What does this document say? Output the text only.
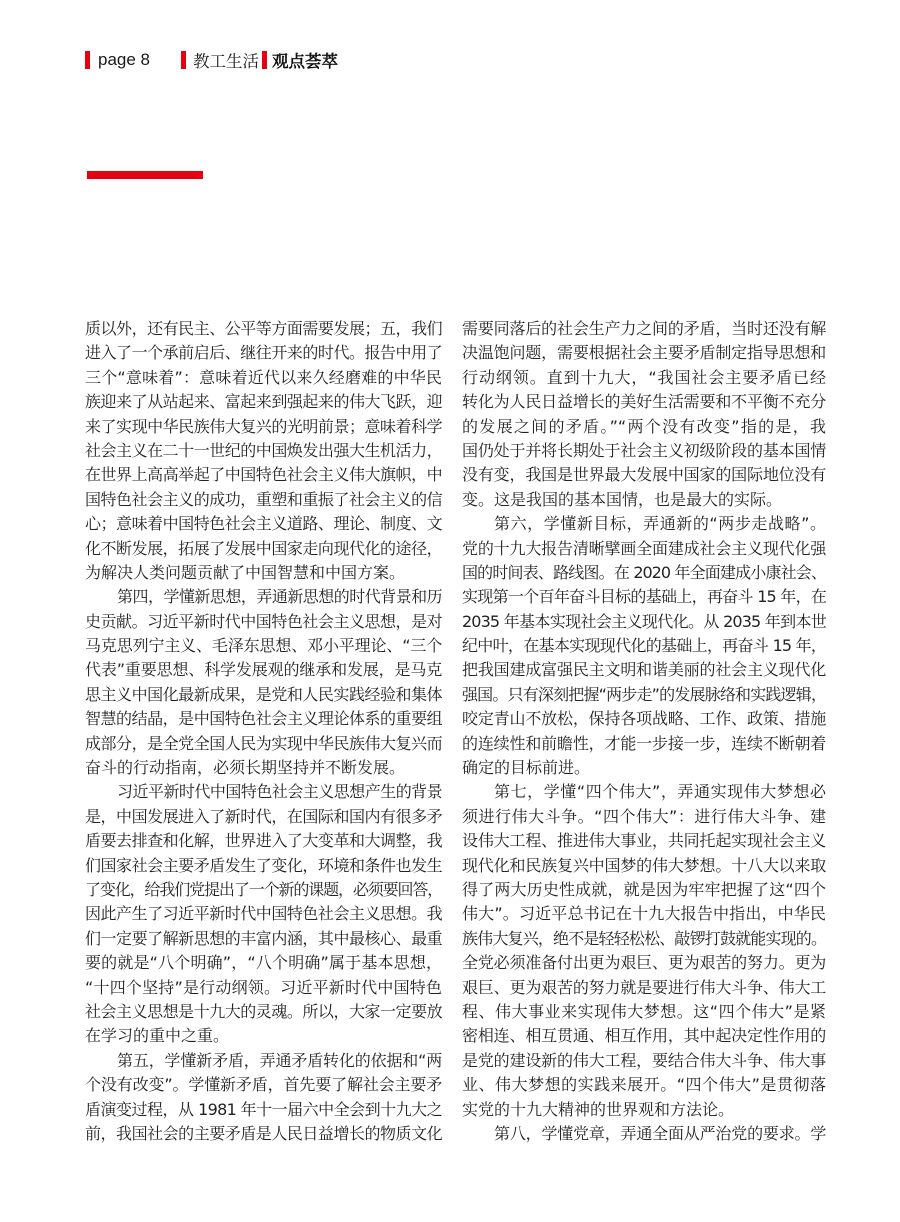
page 8	教工生活 观点荟萃
质以外，还有民主、公平等方面需要发展；五，我们
进入了一个承前启后、继往开来的时代。报告中用了
三个“意味着”：意味着近代以来久经磨难的中华民
族迎来了从站起来、富起来到强起来的伟大飞跃，迎
来了实现中华民族伟大复兴的光明前景；意味着科学
社会主义在二十一世纪的中国焕发出强大生机活力，
在世界上高高举起了中国特色社会主义伟大旗帜，中
国特色社会主义的成功，重塑和重振了社会主义的信
心；意味着中国特色社会主义道路、理论、制度、文
化不断发展，拓展了发展中国家走向现代化的途径，
为解决人类问题贡献了中国智慧和中国方案。
第四，学懂新思想，弄通新思想的时代背景和历
史贡献。习近平新时代中国特色社会主义思想，是对
马克思列宁主义、毛泽东思想、邓小平理论、“三个
代表”重要思想、科学发展观的继承和发展，是马克
思主义中国化最新成果，是党和人民实践经验和集体
智慧的结晶，是中国特色社会主义理论体系的重要组
成部分，是全党全国人民为实现中华民族伟大复兴而
奋斗的行动指南，必须长期坚持并不断发展。
习近平新时代中国特色社会主义思想产生的背景
是，中国发展进入了新时代，在国际和国内有很多矛
盾要去排查和化解，世界进入了大变革和大调整，我
们国家社会主要矛盾发生了变化，环境和条件也发生
了变化，给我们党提出了一个新的课题，必须要回答，
因此产生了习近平新时代中国特色社会主义思想。我
们一定要了解新思想的丰富内涵，其中最核心、最重
要的就是“八个明确”，“八个明确”属于基本思想，
“十四个坚持”是行动纲领。习近平新时代中国特色
社会主义思想是十九大的灵魂。所以，大家一定要放
在学习的重中之重。
第五，学懂新矛盾，弄通矛盾转化的依据和“两
个没有改变”。学懂新矛盾，首先要了解社会主要矛
盾演变过程，从 1981 年十一届六中全会到十九大之
前，我国社会的主要矛盾是人民日益增长的物质文化
需要同落后的社会生产力之间的矛盾，当时还没有解
决温饱问题，需要根据社会主要矛盾制定指导思想和
行动纲领。直到十九大，“我国社会主要矛盾已经
转化为人民日益增长的美好生活需要和不平衡不充分
的发展之间的矛盾。”“两个没有改变”指的是，我
国仍处于并将长期处于社会主义初级阶段的基本国情
没有变，我国是世界最大发展中国家的国际地位没有
变。这是我国的基本国情，也是最大的实际。
第六，学懂新目标，弄通新的“两步走战略”。
党的十九大报告清晰擘画全面建成社会主义现代化强
国的时间表、路线图。在 2020 年全面建成小康社会、
实现第一个百年奋斗目标的基础上，再奋斗 15 年，在
2035 年基本实现社会主义现代化。从 2035 年到本世
纪中叶，在基本实现现代化的基础上，再奋斗 15 年，
把我国建成富强民主文明和谐美丽的社会主义现代化
强国。只有深刻把握“两步走”的发展脉络和实践逻辑，
咬定青山不放松，保持各项战略、工作、政策、措施
的连续性和前瞻性，才能一步接一步，连续不断朝着
确定的目标前进。
第七，学懂“四个伟大”，弄通实现伟大梦想必
须进行伟大斗争。“四个伟大”：进行伟大斗争、建
设伟大工程、推进伟大事业，共同托起实现社会主义
现代化和民族复兴中国梦的伟大梦想。十八大以来取
得了两大历史性成就，就是因为牢牢把握了这“四个
伟大”。习近平总书记在十九大报告中指出，中华民
族伟大复兴，绝不是轻轻松松、敲锣打鼓就能实现的。
全党必须准备付出更为艰巨、更为艰苦的努力。更为
艰巨、更为艰苦的努力就是要进行伟大斗争、伟大工
程、伟大事业来实现伟大梦想。这“四个伟大”是紧
密相连、相互贯通、相互作用，其中起决定性作用的
是党的建设新的伟大工程，要结合伟大斗争、伟大事
业、伟大梦想的实践来展开。“四个伟大”是贯彻落
实党的十九大精神的世界观和方法论。
第八，学懂党章，弄通全面从严治党的要求。学
